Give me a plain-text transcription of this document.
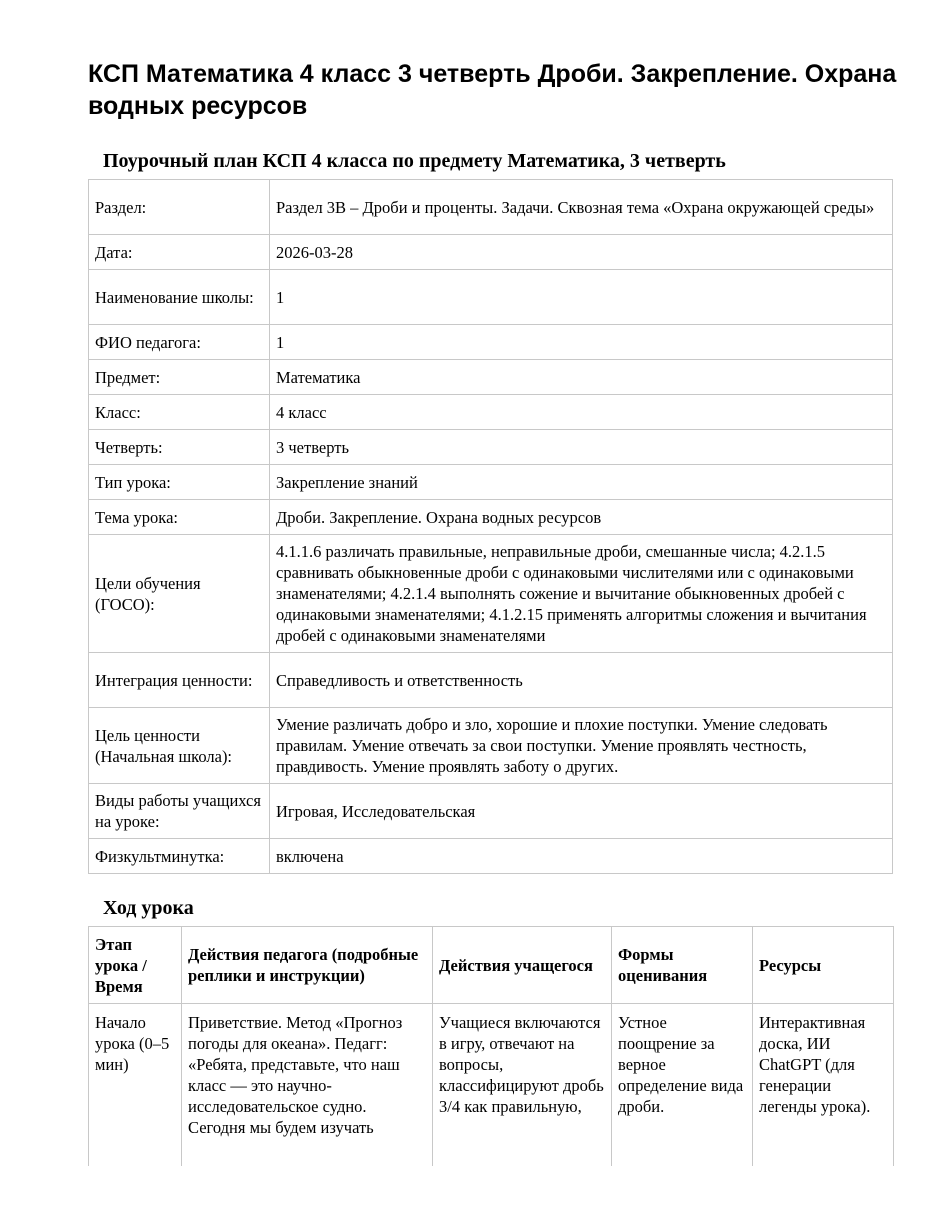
КСП Математика 4 класс 3 четверть Дроби. Закрепление. Охрана водных ресурсов
Поурочный план КСП 4 класса по предмету Математика, 3 четверть
Раздел:	Раздел 3В – Дроби и проценты. Задачи. Сквозная тема «Охрана окружающей среды»
Дата:	2026-03-28
Наименование школы:	1
ФИО педагога:	1
Предмет:	Математика
Класс:	4 класс
Четверть:	3 четверть
Тип урока:	Закрепление знаний
Тема урока:	Дроби. Закрепление. Охрана водных ресурсов
Цели обучения (ГОСО):	4.1.1.6 различать правильные, неправильные дроби, смешанные числа; 4.2.1.5 сравнивать обыкновенные дроби с одинаковыми числителями или с одинаковыми знаменателями; 4.2.1.4 выполнять сожение и вычитание обыкновенных дробей с одинаковыми знаменателями; 4.1.2.15 применять алгоритмы сложения и вычитания дробей с одинаковыми знаменателями
Интеграция ценности:	Справедливость и ответственность
Цель ценности (Начальная школа):	Умение различать добро и зло, хорошие и плохие поступки. Умение следовать правилам. Умение отвечать за свои поступки. Умение проявлять честность, правдивость. Умение проявлять заботу о других.
Виды работы учащихся на уроке:	Игровая, Исследовательская
Физкультминутка:	включена
Ход урока
Этап урока / Время	Действия педагога (подробные реплики и инструкции)	Действия учащегося	Формы оценивания	Ресурсы
Начало урока (0–5 мин)	Приветствие. Метод «Прогноз погоды для океана». Педагг: «Ребята, представьте, что наш класс — это научно-исследовательское судно. Сегодня мы будем изучать	Учащиеся включаются в игру, отвечают на вопросы, классифицируют дробь 3/4 как правильную,	Устное поощрение за верное определение вида дроби.	Интерактивная доска, ИИ ChatGPT (для генерации легенды урока).
